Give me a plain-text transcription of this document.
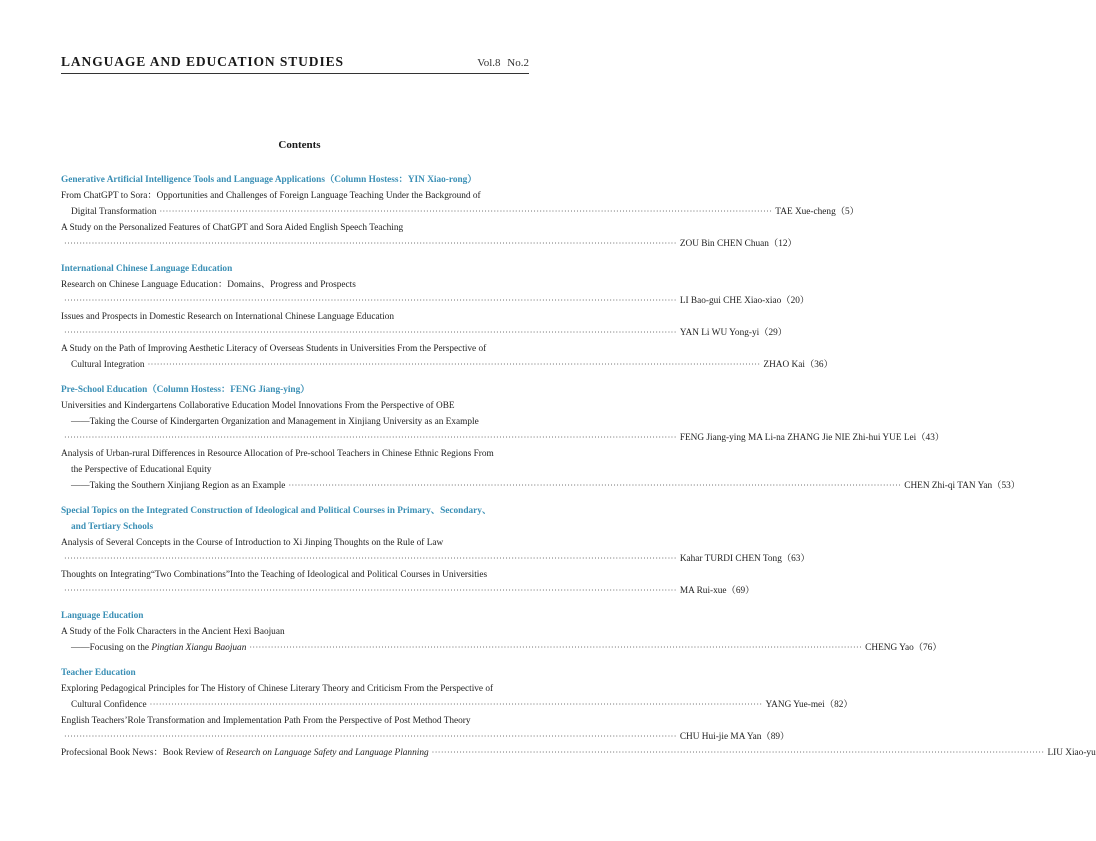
LANGUAGE AND EDUCATION STUDIES	Vol.8 No.2
Contents
Generative Artificial Intelligence Tools and Language Applications（Column Hostess：YIN Xiao-rong）
From ChatGPT to Sora：Opportunities and Challenges of Foreign Language Teaching Under the Background of
Digital Transformation ········································································································································································································ TAE Xue-cheng（5）
A Study on the Personalized Features of ChatGPT and Sora Aided English Speech Teaching
········································································································································································································ ZOU Bin CHEN Chuan（12）
International Chinese Language Education
Research on Chinese Language Education：Domains、Progress and Prospects
········································································································································································································ LI Bao-gui CHE Xiao-xiao（20）
Issues and Prospects in Domestic Research on International Chinese Language Education
········································································································································································································ YAN Li WU Yong-yi（29）
A Study on the Path of Improving Aesthetic Literacy of Overseas Students in Universities From the Perspective of
Cultural Integration ········································································································································································································ ZHAO Kai（36）
Pre-School Education（Column Hostess：FENG Jiang-ying）
Universities and Kindergartens Collaborative Education Model Innovations From the Perspective of OBE
——Taking the Course of Kindergarten Organization and Management in Xinjiang University as an Example
········································································································································································································ FENG Jiang-ying MA Li-na ZHANG Jie NIE Zhi-hui YUE Lei（43）
Analysis of Urban-rural Differences in Resource Allocation of Pre-school Teachers in Chinese Ethnic Regions From
the Perspective of Educational Equity
——Taking the Southern Xinjiang Region as an Example ········································································································································································································ CHEN Zhi-qi TAN Yan（53）
Special Topics on the Integrated Construction of Ideological and Political Courses in Primary、Secondary、
and Tertiary Schools
Analysis of Several Concepts in the Course of Introduction to Xi Jinping Thoughts on the Rule of Law
········································································································································································································ Kahar TURDI CHEN Tong（63）
Thoughts on Integrating“Two Combinations”Into the Teaching of Ideological and Political Courses in Universities
········································································································································································································ MA Rui-xue（69）
Language Education
A Study of the Folk Characters in the Ancient Hexi Baojuan
——Focusing on the Pingtian Xiangu Baojuan ········································································································································································································ CHENG Yao（76）
Teacher Education
Exploring Pedagogical Principles for The History of Chinese Literary Theory and Criticism From the Perspective of
Cultural Confidence ········································································································································································································ YANG Yue-mei（82）
English Teachers’Role Transformation and Implementation Path From the Perspective of Post Method Theory
········································································································································································································ CHU Hui-jie MA Yan（89）
Profecsional Book News：Book Review of Research on Language Safety and Language Planning ········································································································································································································ LIU Xiao-yu
